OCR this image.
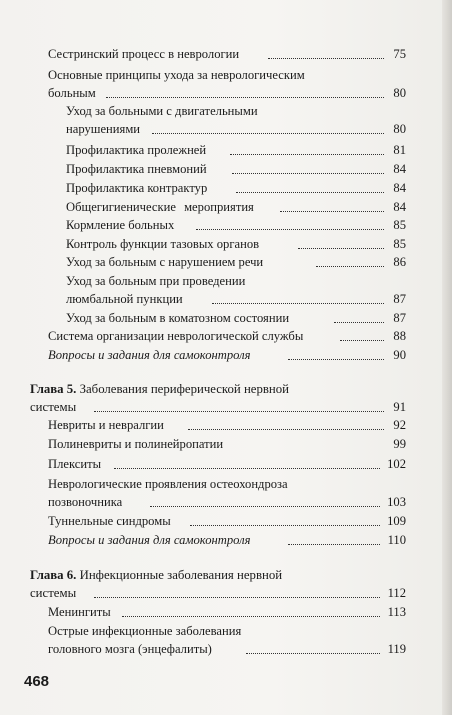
Сестринский процесс в неврологии	75
Основные принципы ухода за неврологическим
больным	80
Уход за больными с двигательными
нарушениями	80
Профилактика пролежней	81
Профилактика пневмоний	84
Профилактика контрактур	84
Общегигиенические мероприятия	84
Кормление больных	85
Контроль функции тазовых органов	85
Уход за больным с нарушением речи	86
Уход за больным при проведении
люмбальной пункции	87
Уход за больным в коматозном состоянии	87
Система организации неврологической службы	88
Вопросы и задания для самоконтроля	90
Глава 5. Заболевания периферической нервной
системы	91
Невриты и невралгии	92
Полиневриты и полинейропатии	99
Плекситы	102
Неврологические проявления остеохондроза
позвоночника	103
Туннельные синдромы	109
Вопросы и задания для самоконтроля	110
Глава 6. Инфекционные заболевания нервной
системы	112
Менингиты	113
Острые инфекционные заболевания
головного мозга (энцефалиты)	119
468
